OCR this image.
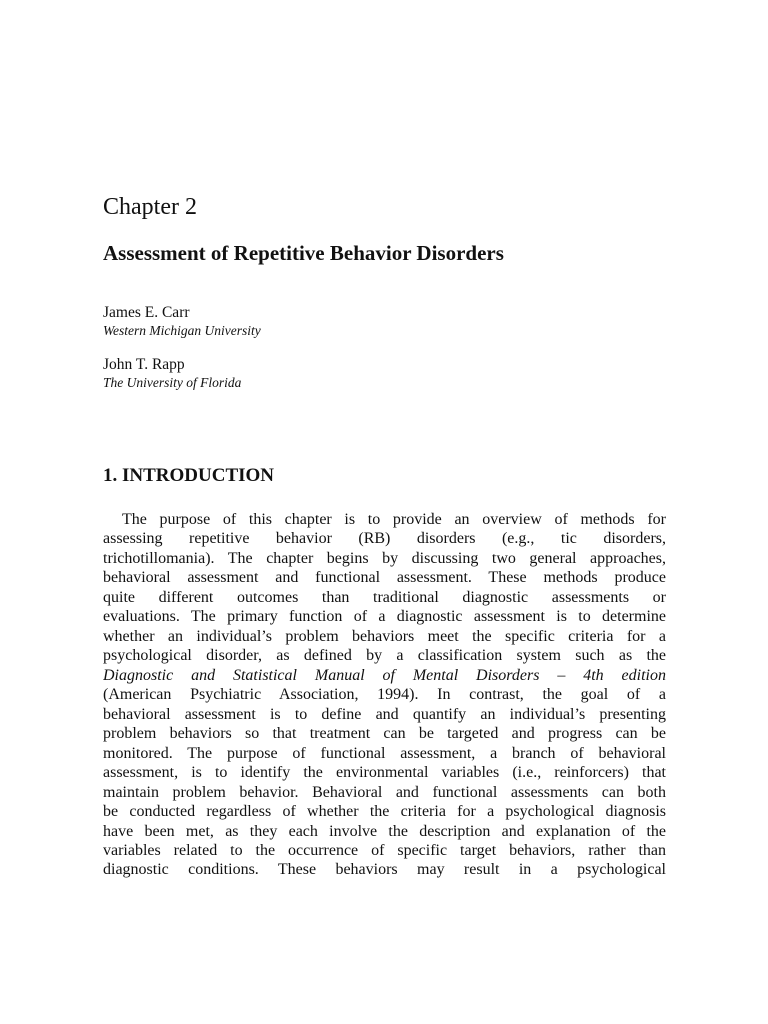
Chapter 2
Assessment of Repetitive Behavior Disorders
James E. Carr
Western Michigan University
John T. Rapp
The University of Florida
1. INTRODUCTION
The purpose of this chapter is to provide an overview of methods for
assessing repetitive behavior (RB) disorders (e.g., tic disorders,
trichotillomania). The chapter begins by discussing two general approaches,
behavioral assessment and functional assessment. These methods produce
quite different outcomes than traditional diagnostic assessments or
evaluations. The primary function of a diagnostic assessment is to determine
whether an individual’s problem behaviors meet the specific criteria for a
psychological disorder, as defined by a classification system such as the
Diagnostic and Statistical Manual of Mental Disorders – 4th edition
(American Psychiatric Association, 1994). In contrast, the goal of a
behavioral assessment is to define and quantify an individual’s presenting
problem behaviors so that treatment can be targeted and progress can be
monitored. The purpose of functional assessment, a branch of behavioral
assessment, is to identify the environmental variables (i.e., reinforcers) that
maintain problem behavior. Behavioral and functional assessments can both
be conducted regardless of whether the criteria for a psychological diagnosis
have been met, as they each involve the description and explanation of the
variables related to the occurrence of specific target behaviors, rather than
diagnostic conditions. These behaviors may result in a psychological
